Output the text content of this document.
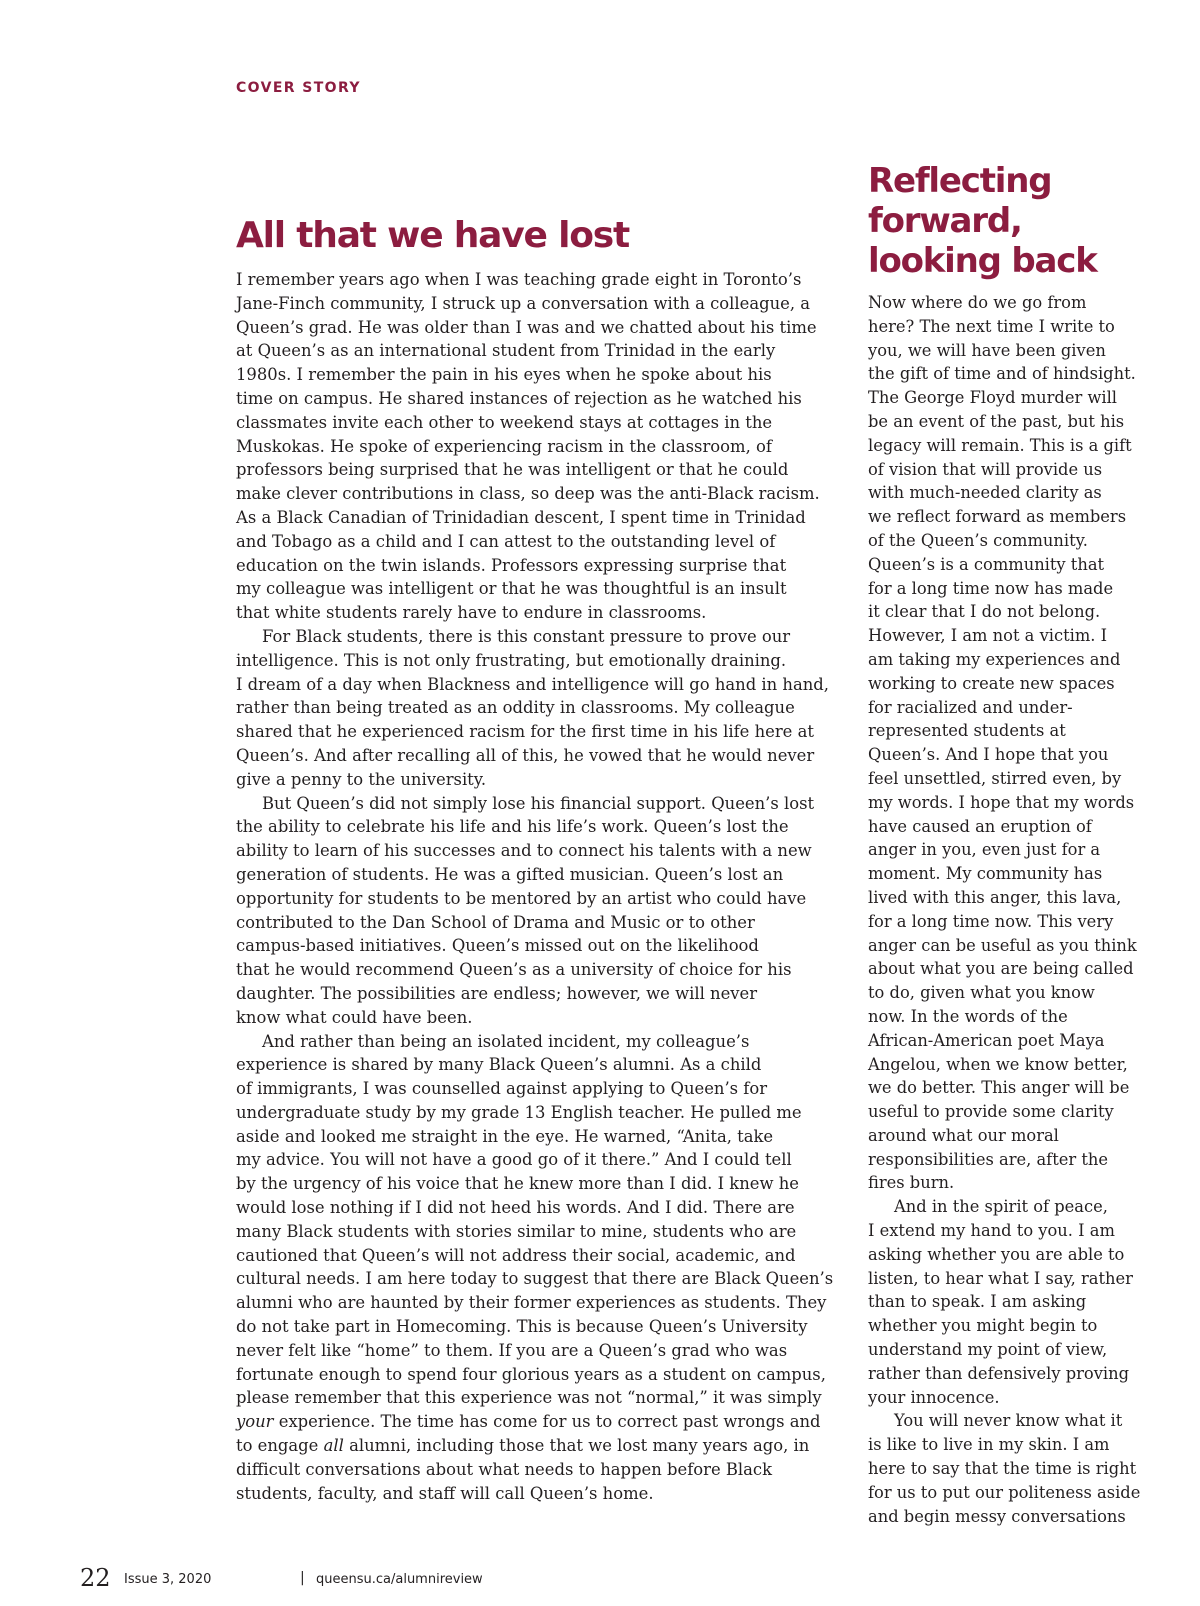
COVER STORY
All that we have lost
Reflecting
forward,
looking back
I remember years ago when I was teaching grade eight in Toronto’s
Jane-Finch community, I struck up a conversation with a colleague, a
Queen’s grad. He was older than I was and we chatted about his time
at Queen’s as an international student from Trinidad in the early
1980s. I remember the pain in his eyes when he spoke about his
time on campus. He shared instances of rejection as he watched his
classmates invite each other to weekend stays at cottages in the
Muskokas. He spoke of experiencing racism in the classroom, of
professors being surprised that he was intelligent or that he could
make clever contributions in class, so deep was the anti-Black racism.
As a Black Canadian of Trinidadian descent, I spent time in Trinidad
and Tobago as a child and I can attest to the outstanding level of
education on the twin islands. Professors expressing surprise that
my colleague was intelligent or that he was thoughtful is an insult
that white students rarely have to endure in classrooms.
For Black students, there is this constant pressure to prove our
intelligence. This is not only frustrating, but emotionally draining.
I dream of a day when Blackness and intelligence will go hand in hand,
rather than being treated as an oddity in classrooms. My colleague
shared that he experienced racism for the first time in his life here at
Queen’s. And after recalling all of this, he vowed that he would never
give a penny to the university.
But Queen’s did not simply lose his financial support. Queen’s lost
the ability to celebrate his life and his life’s work. Queen’s lost the
ability to learn of his successes and to connect his talents with a new
generation of students. He was a gifted musician. Queen’s lost an
opportunity for students to be mentored by an artist who could have
contributed to the Dan School of Drama and Music or to other
campus-based initiatives. Queen’s missed out on the likelihood
that he would recommend Queen’s as a university of choice for his
daughter. The possibilities are endless; however, we will never
know what could have been.
And rather than being an isolated incident, my colleague’s
experience is shared by many Black Queen’s alumni. As a child
of immigrants, I was counselled against applying to Queen’s for
undergraduate study by my grade 13 English teacher. He pulled me
aside and looked me straight in the eye. He warned, “Anita, take
my advice. You will not have a good go of it there.” And I could tell
by the urgency of his voice that he knew more than I did. I knew he
would lose nothing if I did not heed his words. And I did. There are
many Black students with stories similar to mine, students who are
cautioned that Queen’s will not address their social, academic, and
cultural needs. I am here today to suggest that there are Black Queen’s
alumni who are haunted by their former experiences as students. They
do not take part in Homecoming. This is because Queen’s University
never felt like “home” to them. If you are a Queen’s grad who was
fortunate enough to spend four glorious years as a student on campus,
please remember that this experience was not “normal,” it was simply
your experience. The time has come for us to correct past wrongs and
to engage all alumni, including those that we lost many years ago, in
difficult conversations about what needs to happen before Black
students, faculty, and staff will call Queen’s home.
Now where do we go from
here? The next time I write to
you, we will have been given
the gift of time and of hindsight.
The George Floyd murder will
be an event of the past, but his
legacy will remain. This is a gift
of vision that will provide us
with much-needed clarity as
we reflect forward as members
of the Queen’s community.
Queen’s is a community that
for a long time now has made
it clear that I do not belong.
However, I am not a victim. I
am taking my experiences and
working to create new spaces
for racialized and under-
represented students at
Queen’s. And I hope that you
feel unsettled, stirred even, by
my words. I hope that my words
have caused an eruption of
anger in you, even just for a
moment. My community has
lived with this anger, this lava,
for a long time now. This very
anger can be useful as you think
about what you are being called
to do, given what you know
now. In the words of the
African-American poet Maya
Angelou, when we know better,
we do better. This anger will be
useful to provide some clarity
around what our moral
responsibilities are, after the
fires burn.
And in the spirit of peace,
I extend my hand to you. I am
asking whether you are able to
listen, to hear what I say, rather
than to speak. I am asking
whether you might begin to
understand my point of view,
rather than defensively proving
your innocence.
You will never know what it
is like to live in my skin. I am
here to say that the time is right
for us to put our politeness aside
and begin messy conversations
22 Issue 3, 2020	| queensu.ca/alumnireview
